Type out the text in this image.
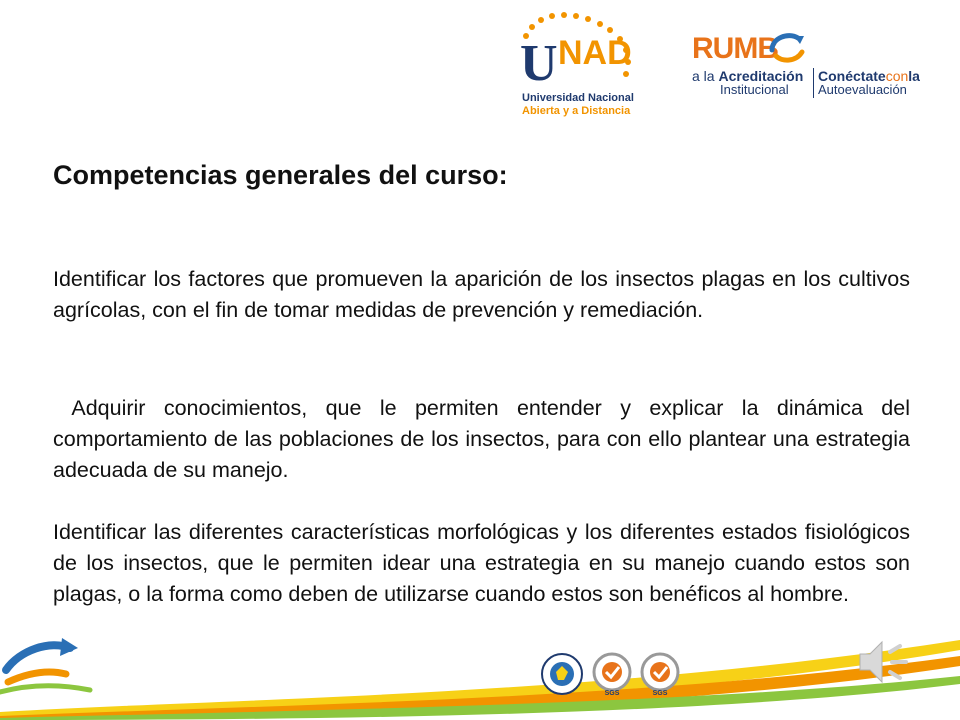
U NAD
Universidad Nacional
Abierta y a Distancia
RUMB
a la Acreditación
Institucional
Conéctateconla
Autoevaluación
Competencias generales del curso:

Identificar los factores que promueven la aparición de los insectos plagas en los cultivos agrícolas, con el fin de tomar medidas de prevención y remediación.

Adquirir conocimientos, que le permiten entender y explicar la dinámica del comportamiento de las poblaciones de los insectos, para con ello plantear una estrategia adecuada de su manejo.

Identificar las diferentes características morfológicas y los diferentes estados fisiológicos de los insectos, que le permiten idear una estrategia en su manejo cuando estos son plagas, o la forma como deben de utilizarse cuando estos son benéficos al hombre.

SGS	SGS
